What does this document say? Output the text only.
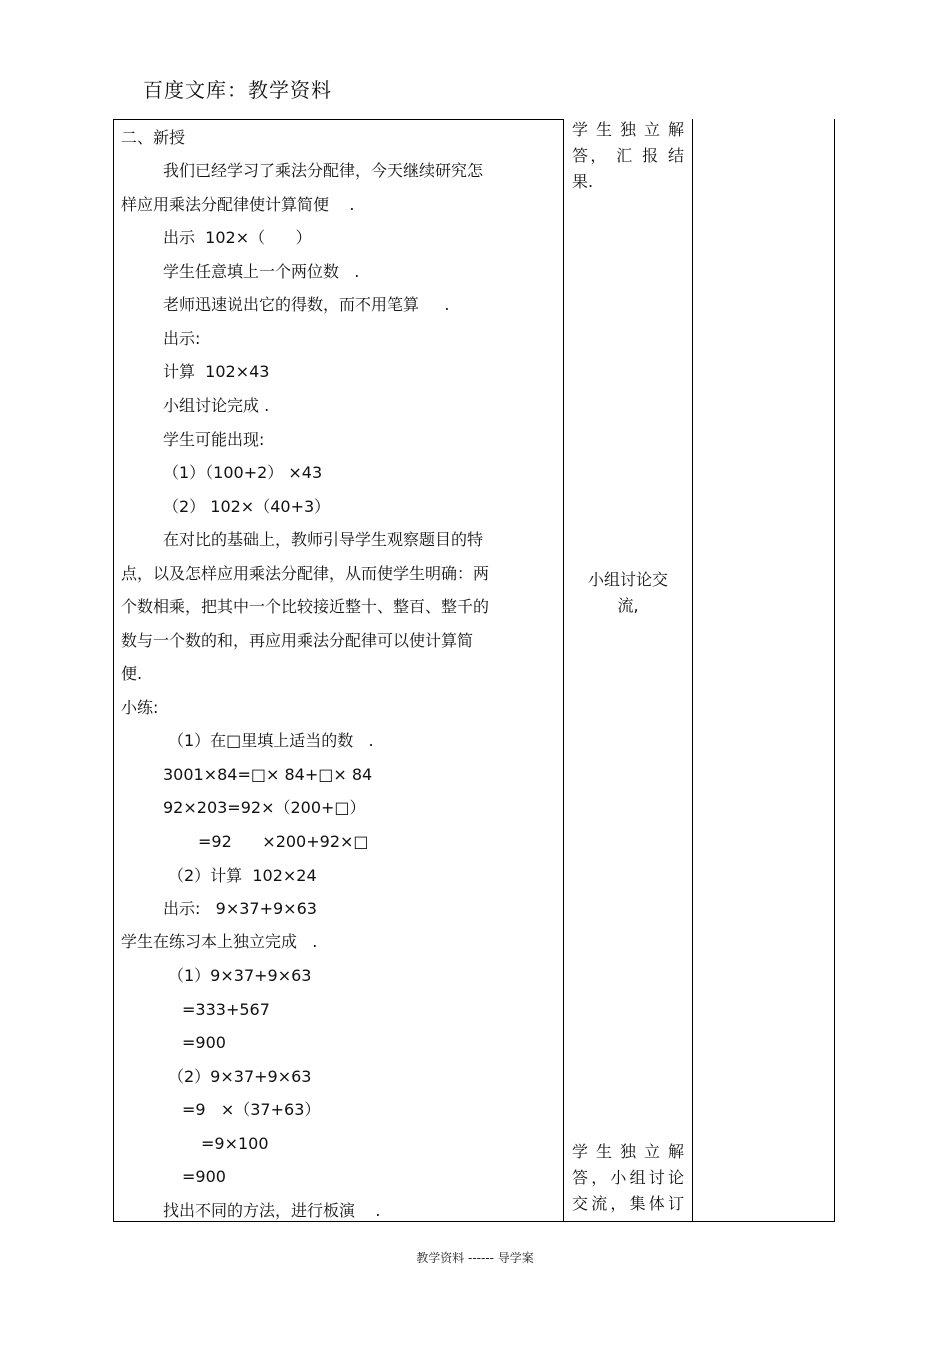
百度文库：教学资料
二、新授
我们已经学习了乘法分配律，今天继续研究怎
样应用乘法分配律使计算简便    .
出示  102×（      ）
学生任意填上一个两位数   .
老师迅速说出它的得数，而不用笔算     .
出示:
计算  102×43
小组讨论完成 .
学生可能出现:
（1）（100+2） ×43
（2） 102×（40+3）
在对比的基础上，教师引导学生观察题目的特
点，以及怎样应用乘法分配律，从而使学生明确：两
个数相乘，把其中一个比较接近整十、整百、整千的
数与一个数的和，再应用乘法分配律可以使计算简
便.
小练:
（1）在□里填上适当的数   .
3001×84=□× 84+□× 84
92×203=92×（200+□）
=92      ×200+92×□
（2）计算  102×24
出示:   9×37+9×63
学生在练习本上独立完成   .
（1）9×37+9×63
=333+567
=900
（2）9×37+9×63
=9   ×（37+63）
=9×100
=900
找出不同的方法，进行板演    .

学 生 独 立 解

答， 汇 报 结

果.

小组讨论交

流,

学 生 独 立 解

答，小组讨论

交流，集体订

教学资料 ------ 导学案
